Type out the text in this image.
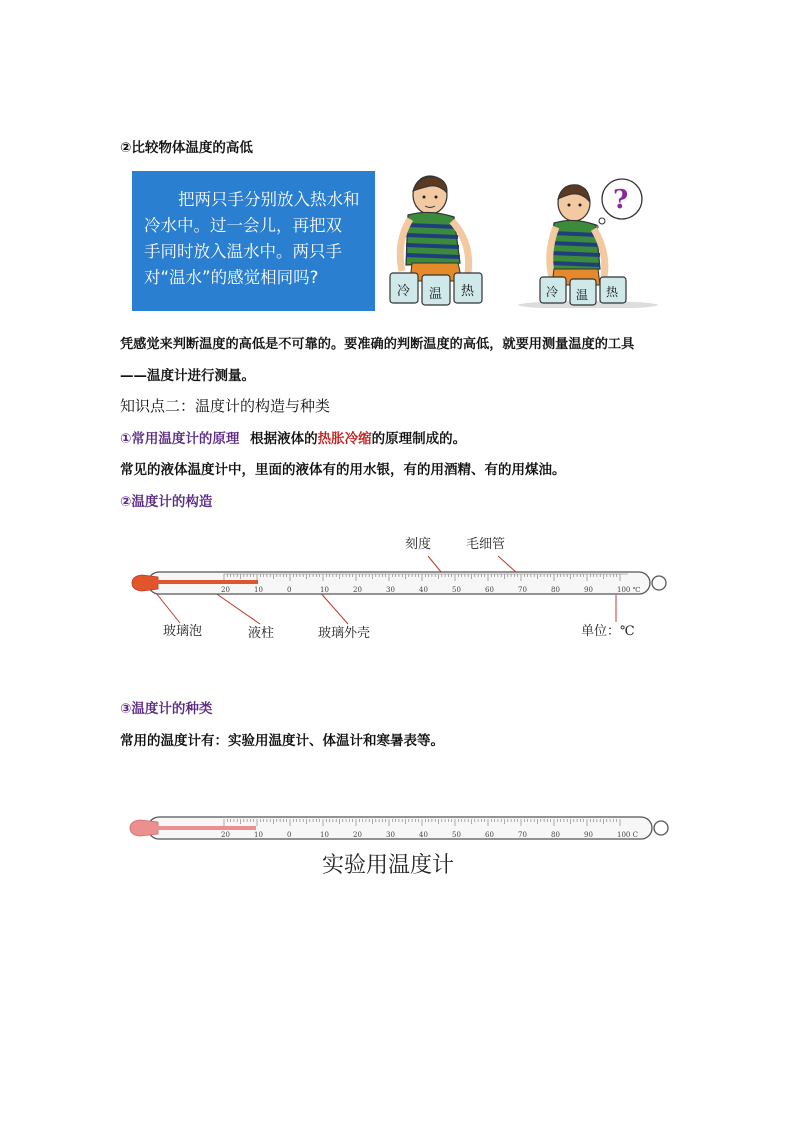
②比较物体温度的高低
把两只手分别放入热水和
冷水中。过一会儿，再把双
手同时放入温水中。两只手
对“温水”的感觉相同吗?
冷 温 热
?
冷 温 热
凭感觉来判断温度的高低是不可靠的。要准确的判断温度的高低，就要用测量温度的工具
——温度计进行测量。
知识点二：温度计的构造与种类
①常用温度计的原理 根据液体的热胀冷缩的原理制成的。
常见的液体温度计中，里面的液体有的用水银，有的用酒精、有的用煤油。
②温度计的构造
刻度	毛细管
20	10	0	10	20	30	40	50	60	70	80	90	100 ℃
玻璃泡	液柱	玻璃外壳	单位：℃
③温度计的种类
常用的温度计有：实验用温度计、体温计和寒暑表等。
20	10	0	10	20	30	40	50	60	70	80	90	100 C
实验用温度计
